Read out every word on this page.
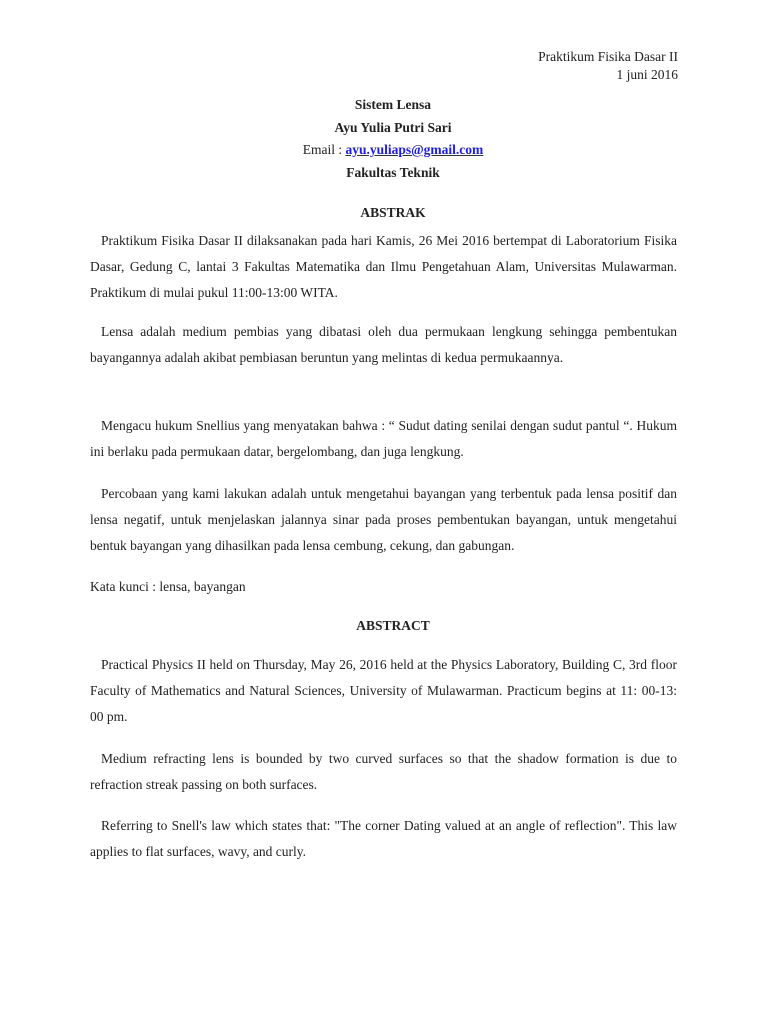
Praktikum Fisika Dasar II
1 juni 2016
Sistem Lensa
Ayu Yulia Putri Sari
Email : ayu.yuliaps@gmail.com
Fakultas Teknik
ABSTRAK
Praktikum Fisika Dasar II dilaksanakan pada hari Kamis, 26 Mei 2016 bertempat di Laboratorium Fisika Dasar, Gedung C, lantai 3 Fakultas Matematika dan Ilmu Pengetahuan Alam, Universitas Mulawarman. Praktikum di mulai pukul 11:00-13:00 WITA.
Lensa adalah medium pembias yang dibatasi oleh dua permukaan lengkung sehingga pembentukan bayangannya adalah akibat pembiasan beruntun yang melintas di kedua permukaannya.
Mengacu hukum Snellius yang menyatakan bahwa : “ Sudut dating senilai dengan sudut pantul “. Hukum ini berlaku pada permukaan datar, bergelombang, dan juga lengkung.
Percobaan yang kami lakukan adalah untuk mengetahui bayangan yang terbentuk pada lensa positif dan lensa negatif, untuk menjelaskan jalannya sinar pada proses pembentukan bayangan, untuk mengetahui bentuk bayangan yang dihasilkan pada lensa cembung, cekung, dan gabungan.
Kata kunci : lensa, bayangan
ABSTRACT
Practical Physics II held on Thursday, May 26, 2016 held at the Physics Laboratory, Building C, 3rd floor Faculty of Mathematics and Natural Sciences, University of Mulawarman. Practicum begins at 11: 00-13: 00 pm.
Medium refracting lens is bounded by two curved surfaces so that the shadow formation is due to refraction streak passing on both surfaces.
Referring to Snell's law which states that: "The corner Dating valued at an angle of reflection". This law applies to flat surfaces, wavy, and curly.
